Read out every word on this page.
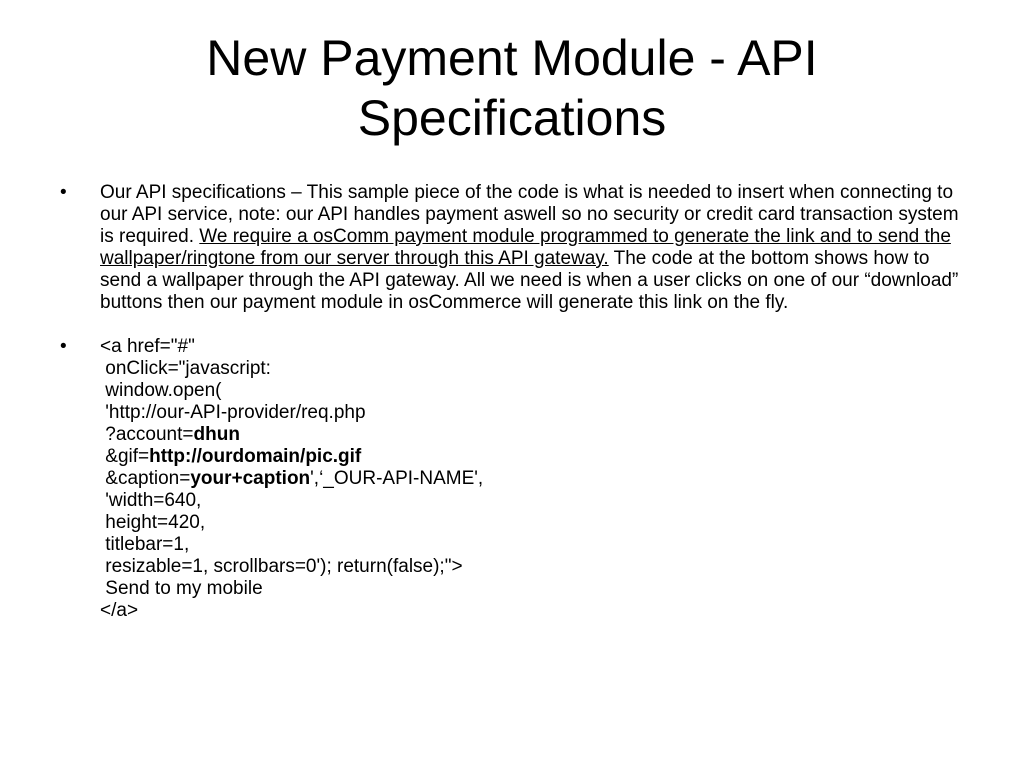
New Payment Module - API
Specifications
• Our API specifications – This sample piece of the code is what is needed to insert when connecting to our API service, note: our API handles payment aswell so no security or credit card transaction system is required. We require a osComm payment module programmed to generate the link and to send the wallpaper/ringtone from our server through this API gateway. The code at the bottom shows how to send a wallpaper through the API gateway. All we need is when a user clicks on one of our “download” buttons then our payment module in osCommerce will generate this link on the fly.
• <a href="#"
onClick="javascript:
window.open(
'http://our-API-provider/req.php
?account=dhun
&gif=http://ourdomain/pic.gif
&caption=your+caption',‘_OUR-API-NAME',
'width=640,
height=420,
titlebar=1,
resizable=1, scrollbars=0'); return(false);">
Send to my mobile
</a>
